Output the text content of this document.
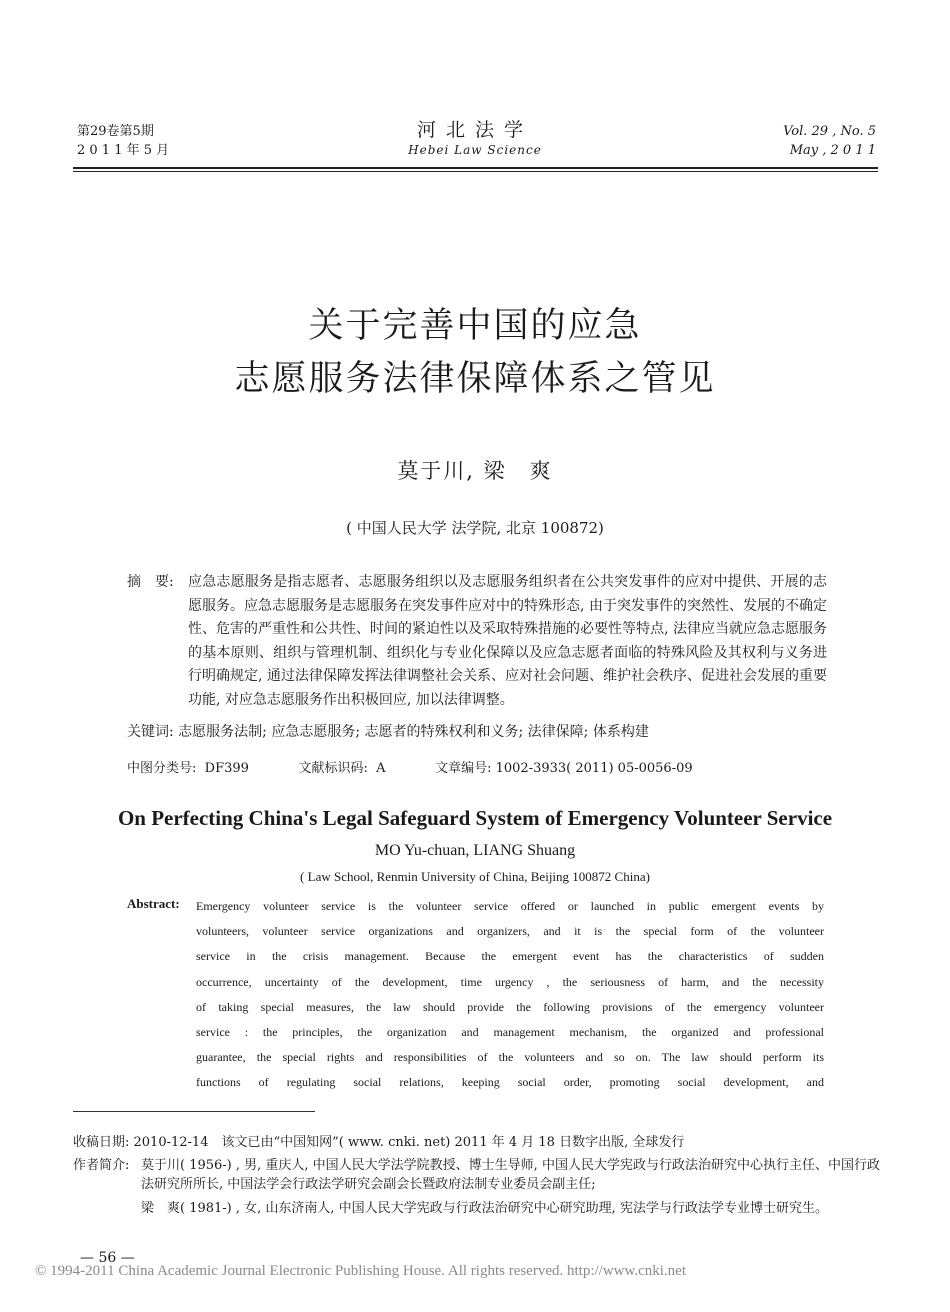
第29卷第5期
2 0 1 1 年 5 月
河北法学
Hebei Law Science
Vol. 29 , No. 5
May , 2 0 1 1
关于完善中国的应急
志愿服务法律保障体系之管见
莫于川, 梁　爽
( 中国人民大学 法学院, 北京 100872)
摘　要:	应急志愿服务是指志愿者、志愿服务组织以及志愿服务组织者在公共突发事件的应对中提供、开展的志愿服务。应急志愿服务是志愿服务在突发事件应对中的特殊形态, 由于突发事件的突然性、发展的不确定性、危害的严重性和公共性、时间的紧迫性以及采取特殊措施的必要性等特点, 法律应当就应急志愿服务的基本原则、组织与管理机制、组织化与专业化保障以及应急志愿者面临的特殊风险及其权利与义务进行明确规定, 通过法律保障发挥法律调整社会关系、应对社会问题、维护社会秩序、促进社会发展的重要功能, 对应急志愿服务作出积极回应, 加以法律调整。
关键词: 志愿服务法制; 应急志愿服务; 志愿者的特殊权利和义务; 法律保障; 体系构建
中图分类号:  DF399            文献标识码:  A            文章编号: 1002-3933( 2011) 05-0056-09
On Perfecting China's Legal Safeguard System of Emergency Volunteer Service
MO Yu-chuan, LIANG Shuang
( Law School, Renmin University of China, Beijing 100872 China)
Abstract: Emergency volunteer service is the volunteer service offered or launched in public emergent events by
volunteers, volunteer service organizations and organizers, and it is the special form of the volunteer
service in the crisis management. Because the emergent event has the characteristics of sudden
occurrence, uncertainty of the development, time urgency , the seriousness of harm, and the necessity
of taking special measures, the law should provide the following provisions of the emergency volunteer
service : the principles, the organization and management mechanism, the organized and professional
guarantee, the special rights and responsibilities of the volunteers and so on. The law should perform its
functions of regulating social relations, keeping social order, promoting social development, and
收稿日期: 2010-12-14　该文已由“中国知网”( www. cnki. net) 2011 年 4 月 18 日数字出版, 全球发行
作者简介: 莫于川( 1956-) , 男, 重庆人, 中国人民大学法学院教授、博士生导师, 中国人民大学宪政与行政法治研究中心执行主任、中国行政法研究所所长, 中国法学会行政法学研究会副会长暨政府法制专业委员会副主任;
梁　爽( 1981-) , 女, 山东济南人, 中国人民大学宪政与行政法治研究中心研究助理, 宪法学与行政法学专业博士研究生。
— 56 —
© 1994-2011 China Academic Journal Electronic Publishing House. All rights reserved. http://www.cnki.net
